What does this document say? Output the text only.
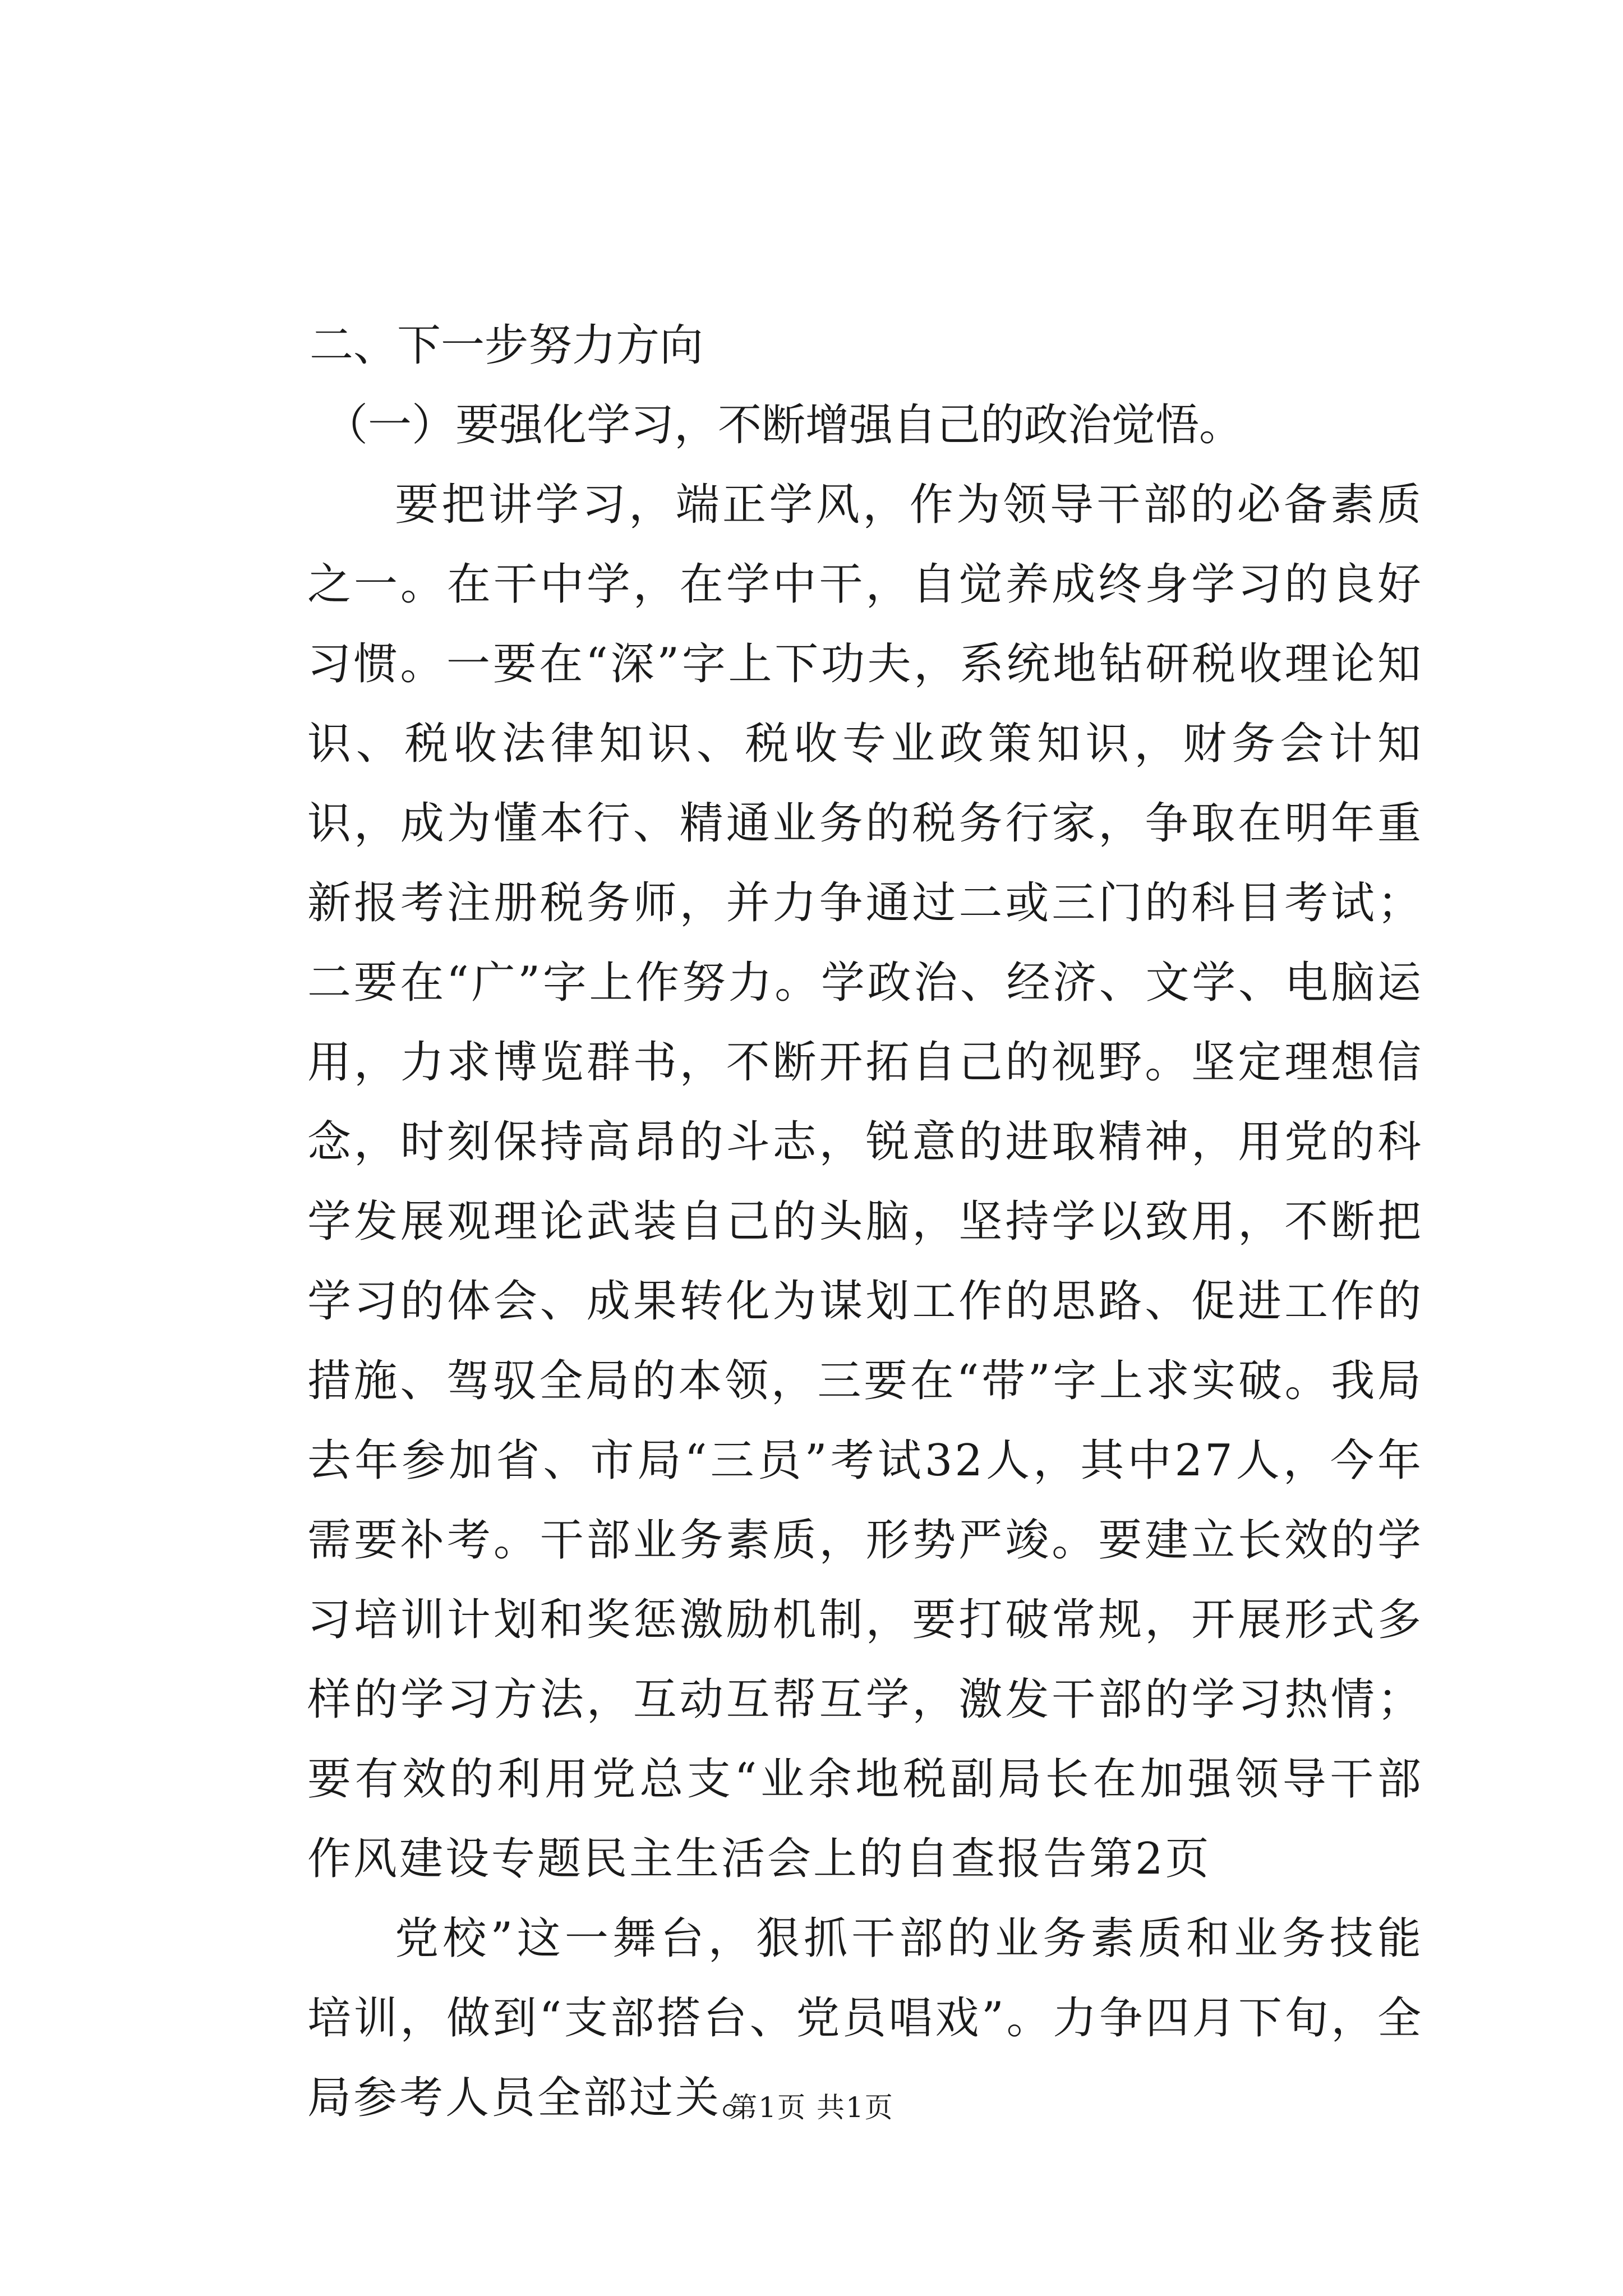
二、下一步努力方向

（一）要强化学习，不断增强自己的政治觉悟。

要把讲学习，端正学风，作为领导干部的必备素质之一。在干中学，在学中干，自觉养成终身学习的良好习惯。一要在“深”字上下功夫，系统地钻研税收理论知识、税收法律知识、税收专业政策知识，财务会计知识，成为懂本行、精通业务的税务行家，争取在明年重新报考注册税务师，并力争通过二或三门的科目考试；二要在“广”字上作努力。学政治、经济、文学、电脑运用，力求博览群书，不断开拓自己的视野。坚定理想信念，时刻保持高昂的斗志，锐意的进取精神，用党的科学发展观理论武装自己的头脑，坚持学以致用，不断把学习的体会、成果转化为谋划工作的思路、促进工作的措施、驾驭全局的本领，三要在“带”字上求实破。我局去年参加省、市局“三员”考试32人，其中27人，今年需要补考。干部业务素质，形势严竣。要建立长效的学习培训计划和奖惩激励机制，要打破常规，开展形式多样的学习方法，互动互帮互学，激发干部的学习热情；要有效的利用党总支“业余地税副局长在加强领导干部作风建设专题民主生活会上的自查报告第2页

党校”这一舞台，狠抓干部的业务素质和业务技能培训，做到“支部搭台、党员唱戏”。力争四月下旬，全局参考人员全部过关。

第1页 共1页
